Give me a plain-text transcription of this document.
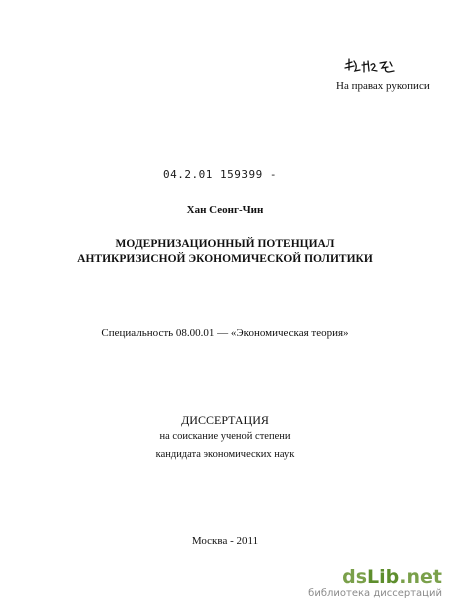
На правах рукописи
04.2.01 159399 -
Хан Сеонг-Чин
МОДЕРНИЗАЦИОННЫЙ ПОТЕНЦИАЛ
АНТИКРИЗИСНОЙ ЭКОНОМИЧЕСКОЙ ПОЛИТИКИ
Специальность 08.00.01 — «Экономическая теория»
ДИССЕРТАЦИЯ
на соискание ученой степени
кандидата экономических наук
Москва - 2011
dsLib.net
библиотека диссертаций
